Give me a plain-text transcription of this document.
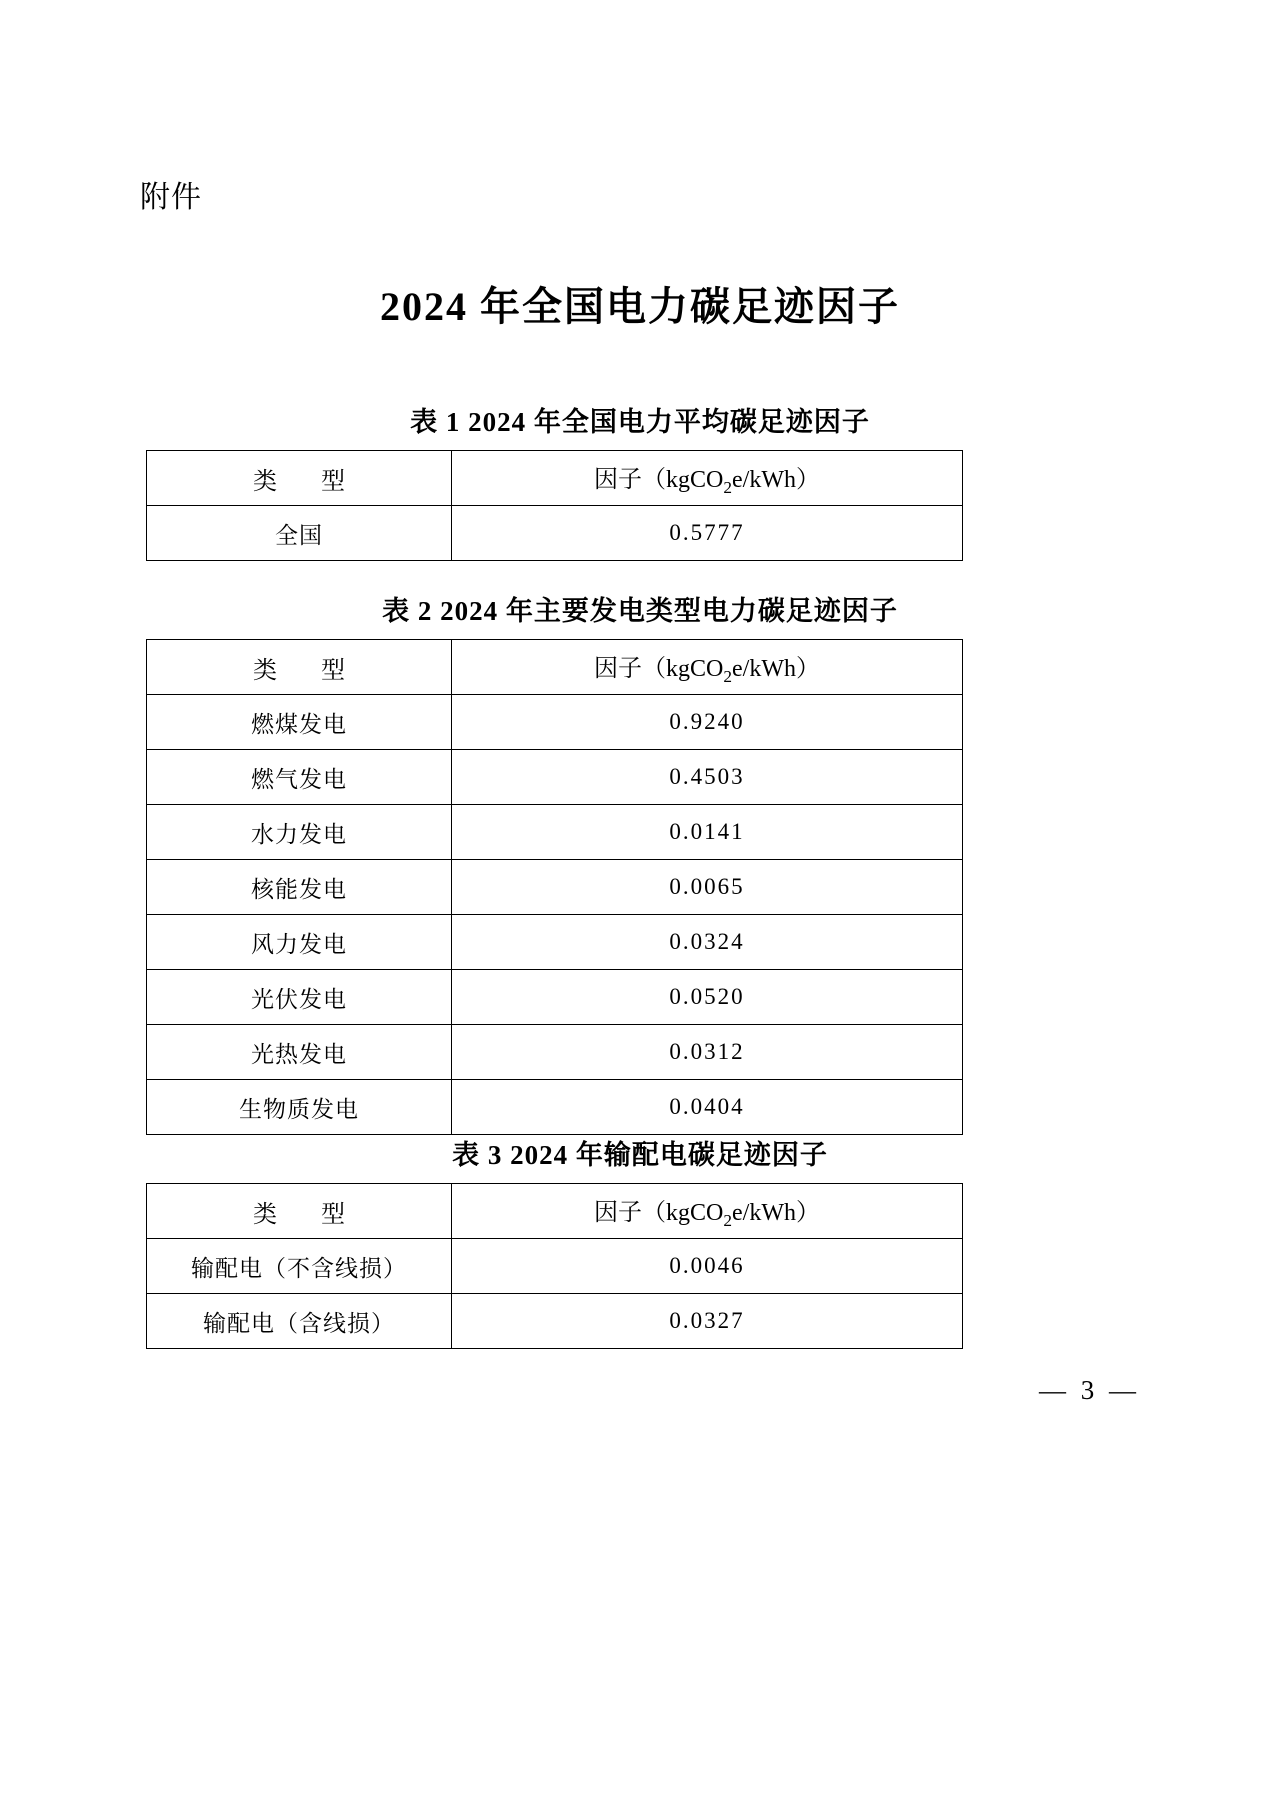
附件
2024 年全国电力碳足迹因子
表 1 2024 年全国电力平均碳足迹因子
类　型	因子（kgCO$_2$e/kWh）
全国	0.5777
表 2 2024 年主要发电类型电力碳足迹因子
类　型	因子（kgCO$_2$e/kWh）
燃煤发电	0.9240
燃气发电	0.4503
水力发电	0.0141
核能发电	0.0065
风力发电	0.0324
光伏发电	0.0520
光热发电	0.0312
生物质发电	0.0404
表 3 2024 年输配电碳足迹因子
类　型	因子（kgCO$_2$e/kWh）
输配电（不含线损）	0.0046
输配电（含线损）	0.0327
— 3 —
